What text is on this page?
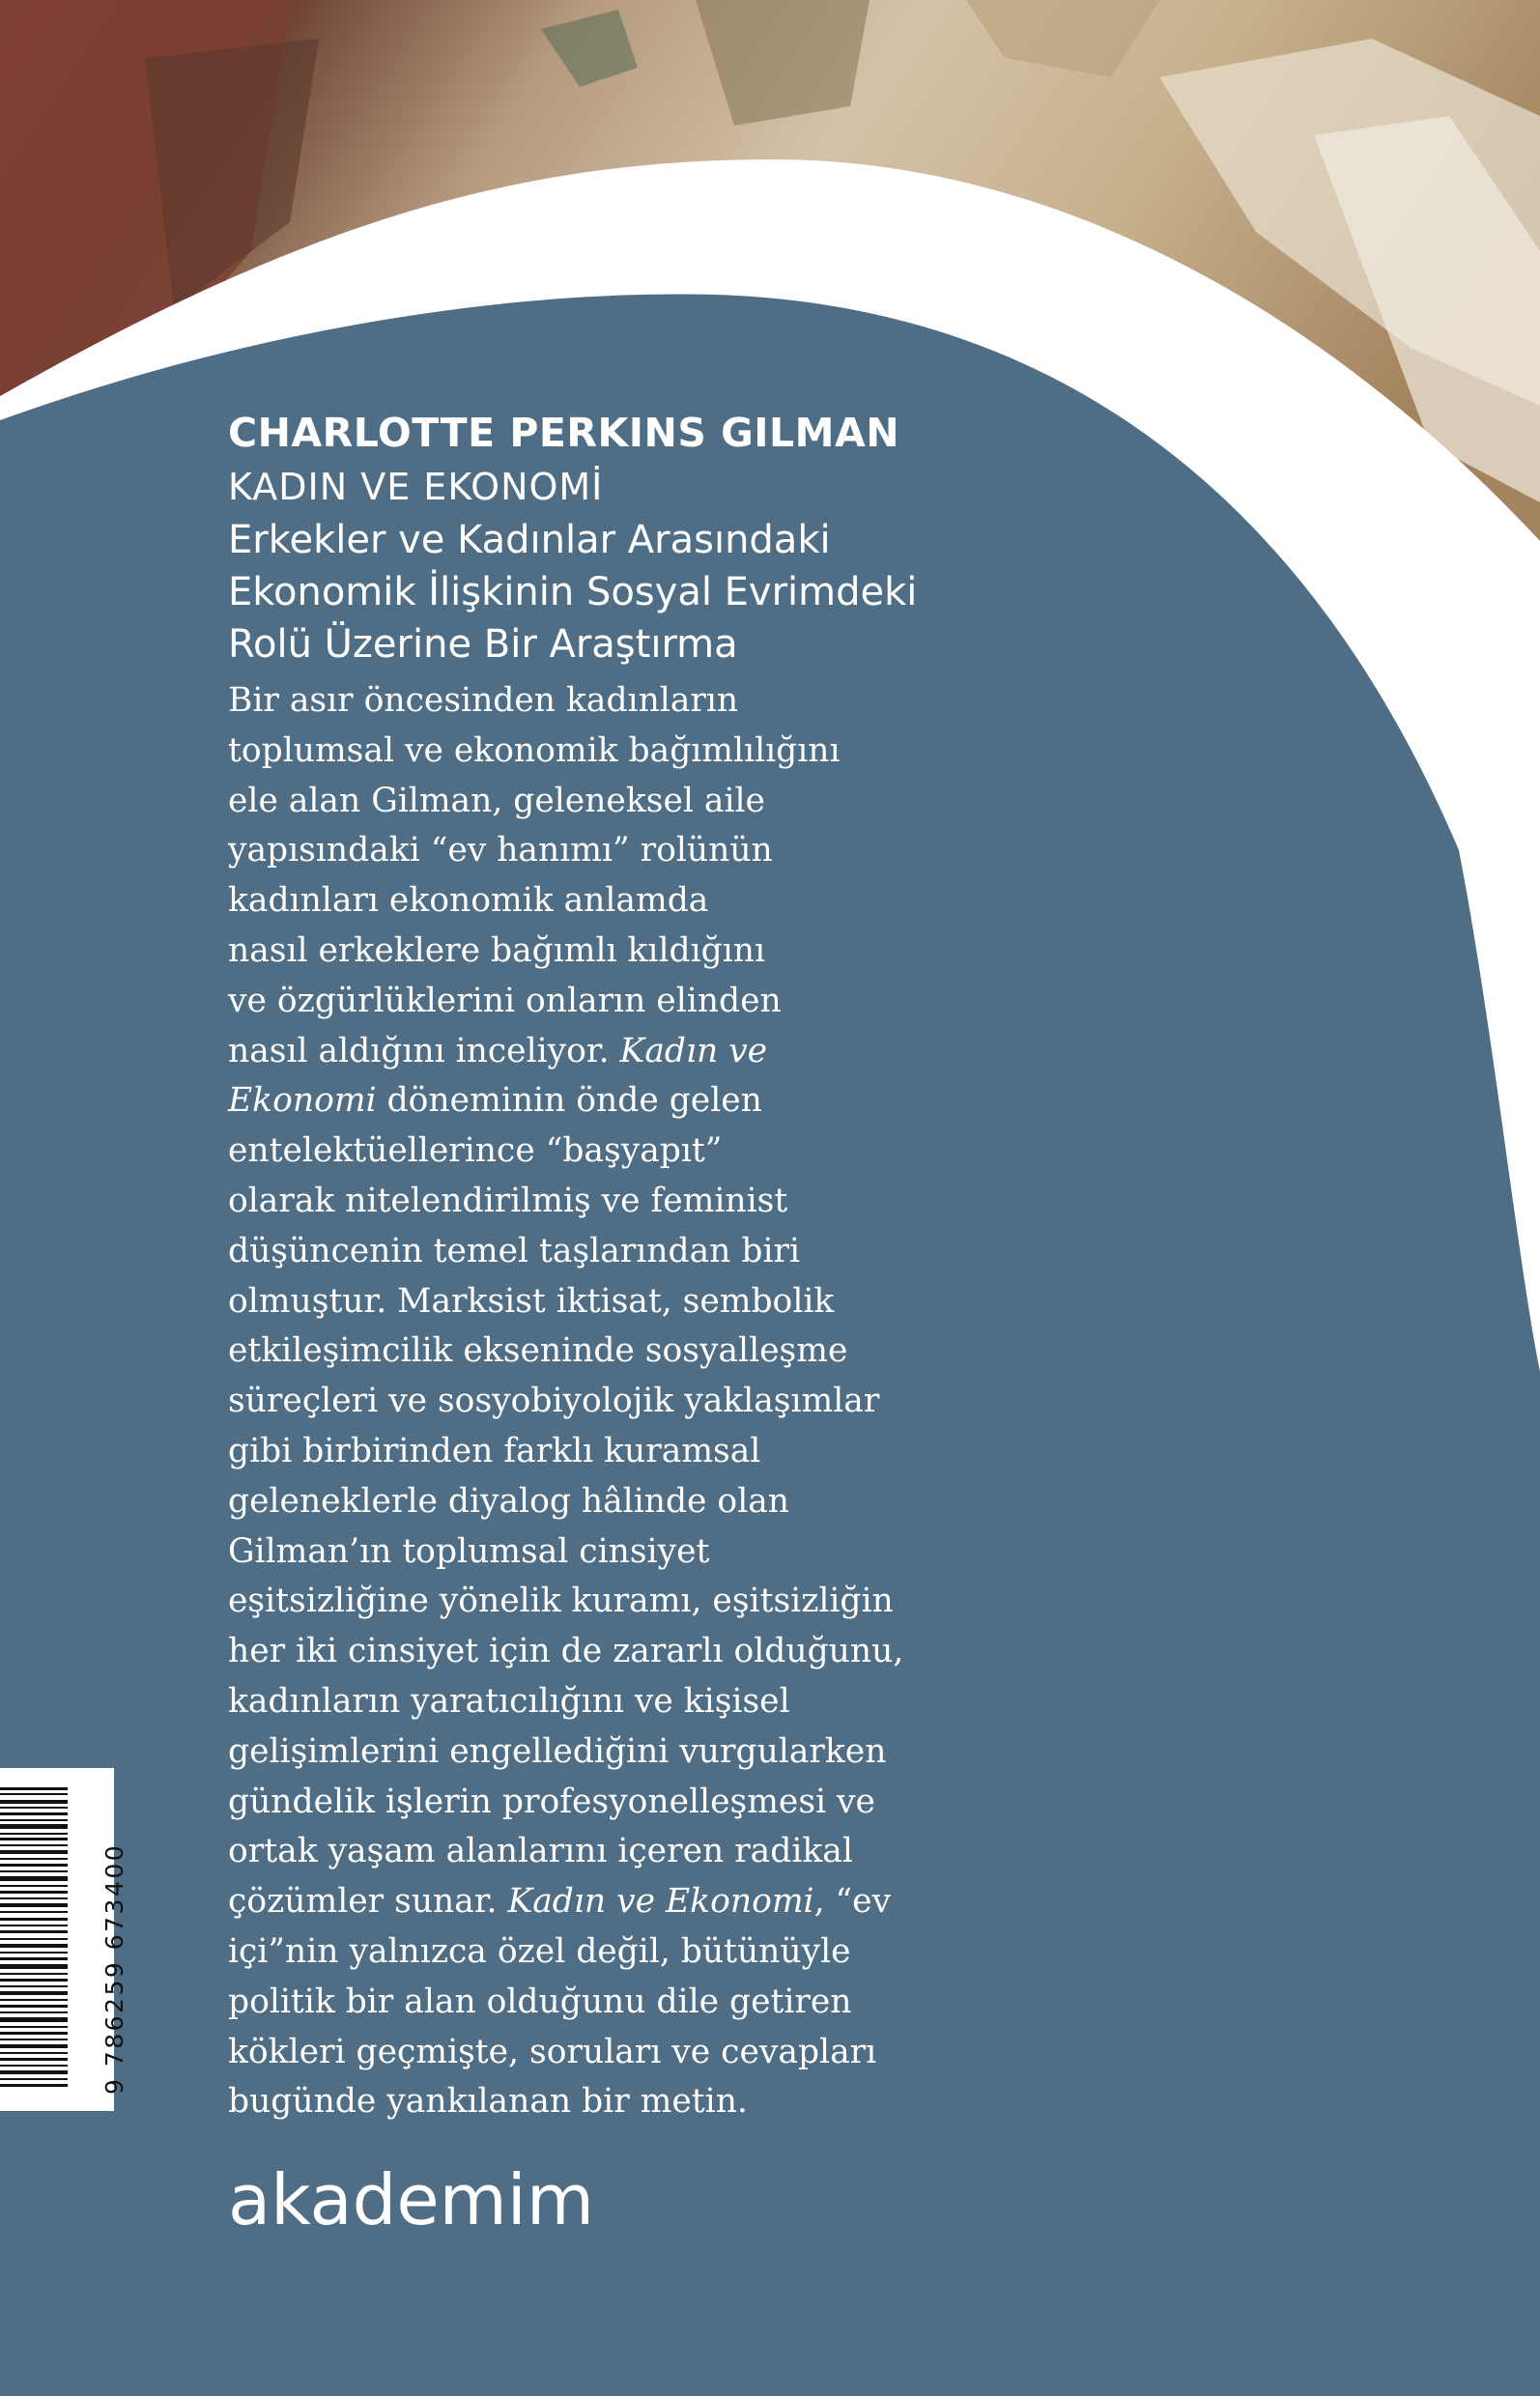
CHARLOTTE PERKINS GILMAN

KADIN VE EKONOMİ

Erkekler ve Kadınlar Arasındaki

Ekonomik İlişkinin Sosyal Evrimdeki

Rolü Üzerine Bir Araştırma

Bir asır öncesinden kadınların
toplumsal ve ekonomik bağımlılığını
ele alan Gilman, geleneksel aile
yapısındaki “ev hanımı” rolünün
kadınları ekonomik anlamda
nasıl erkeklere bağımlı kıldığını
ve özgürlüklerini onların elinden
nasıl aldığını inceliyor. Kadın ve
Ekonomi döneminin önde gelen
entelektüellerince “başyapıt”
olarak nitelendirilmiş ve feminist
düşüncenin temel taşlarından biri
olmuştur. Marksist iktisat, sembolik
etkileşimcilik ekseninde sosyalleşme
süreçleri ve sosyobiyolojik yaklaşımlar
gibi birbirinden farklı kuramsal
geleneklerle diyalog hâlinde olan
Gilman’ın toplumsal cinsiyet
eşitsizliğine yönelik kuramı, eşitsizliğin
her iki cinsiyet için de zararlı olduğunu,
kadınların yaratıcılığını ve kişisel
gelişimlerini engellediğini vurgularken
gündelik işlerin profesyonelleşmesi ve
ortak yaşam alanlarını içeren radikal
çözümler sunar. Kadın ve Ekonomi, “ev
içi”nin yalnızca özel değil, bütünüyle
politik bir alan olduğunu dile getiren
kökleri geçmişte, soruları ve cevapları
bugünde yankılanan bir metin.
9 786259 673400
akademim
